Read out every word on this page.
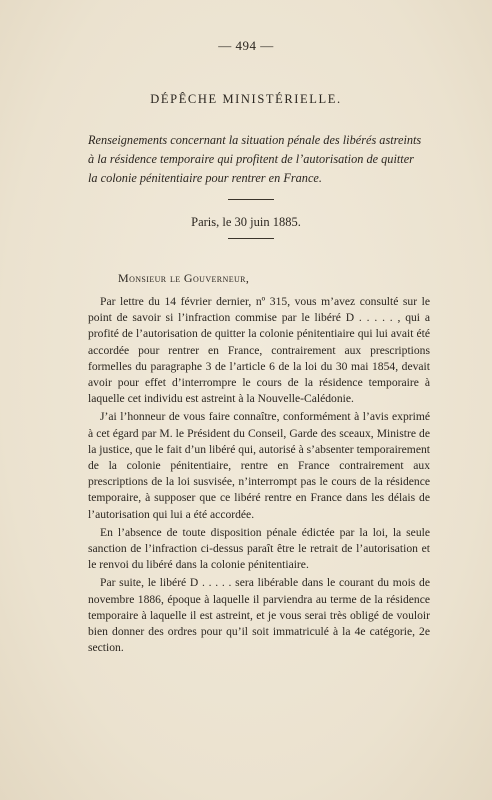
— 494 —
DÉPÊCHE MINISTÉRIELLE.
Renseignements concernant la situation pénale des libérés astreints à la résidence temporaire qui profitent de l’autorisation de quitter la colonie pénitentiaire pour rentrer en France.
Paris, le 30 juin 1885.
Monsieur le Gouverneur,

Par lettre du 14 février dernier, nº 315, vous m’avez consulté sur le point de savoir si l’infraction commise par le libéré D . . . . . , qui a profité de l’autorisation de quitter la colonie pénitentiaire qui lui avait été accordée pour rentrer en France, contrairement aux prescriptions formelles du paragraphe 3 de l’article 6 de la loi du 30 mai 1854, devait avoir pour effet d’interrompre le cours de la résidence temporaire à laquelle cet individu est astreint à la Nouvelle-Calédonie.

J’ai l’honneur de vous faire connaître, conformément à l’avis exprimé à cet égard par M. le Président du Conseil, Garde des sceaux, Ministre de la justice, que le fait d’un libéré qui, autorisé à s’absenter temporairement de la colonie pénitentiaire, rentre en France contrairement aux prescriptions de la loi susvisée, n’interrompt pas le cours de la résidence temporaire, à supposer que ce libéré rentre en France dans les délais de l’autorisation qui lui a été accordée.

En l’absence de toute disposition pénale édictée par la loi, la seule sanction de l’infraction ci-dessus paraît être le retrait de l’autorisation et le renvoi du libéré dans la colonie pénitentiaire.

Par suite, le libéré D . . . . . sera libérable dans le courant du mois de novembre 1886, époque à laquelle il parviendra au terme de la résidence temporaire à laquelle il est astreint, et je vous serai très obligé de vouloir bien donner des ordres pour qu’il soit immatriculé à la 4e catégorie, 2e section.
